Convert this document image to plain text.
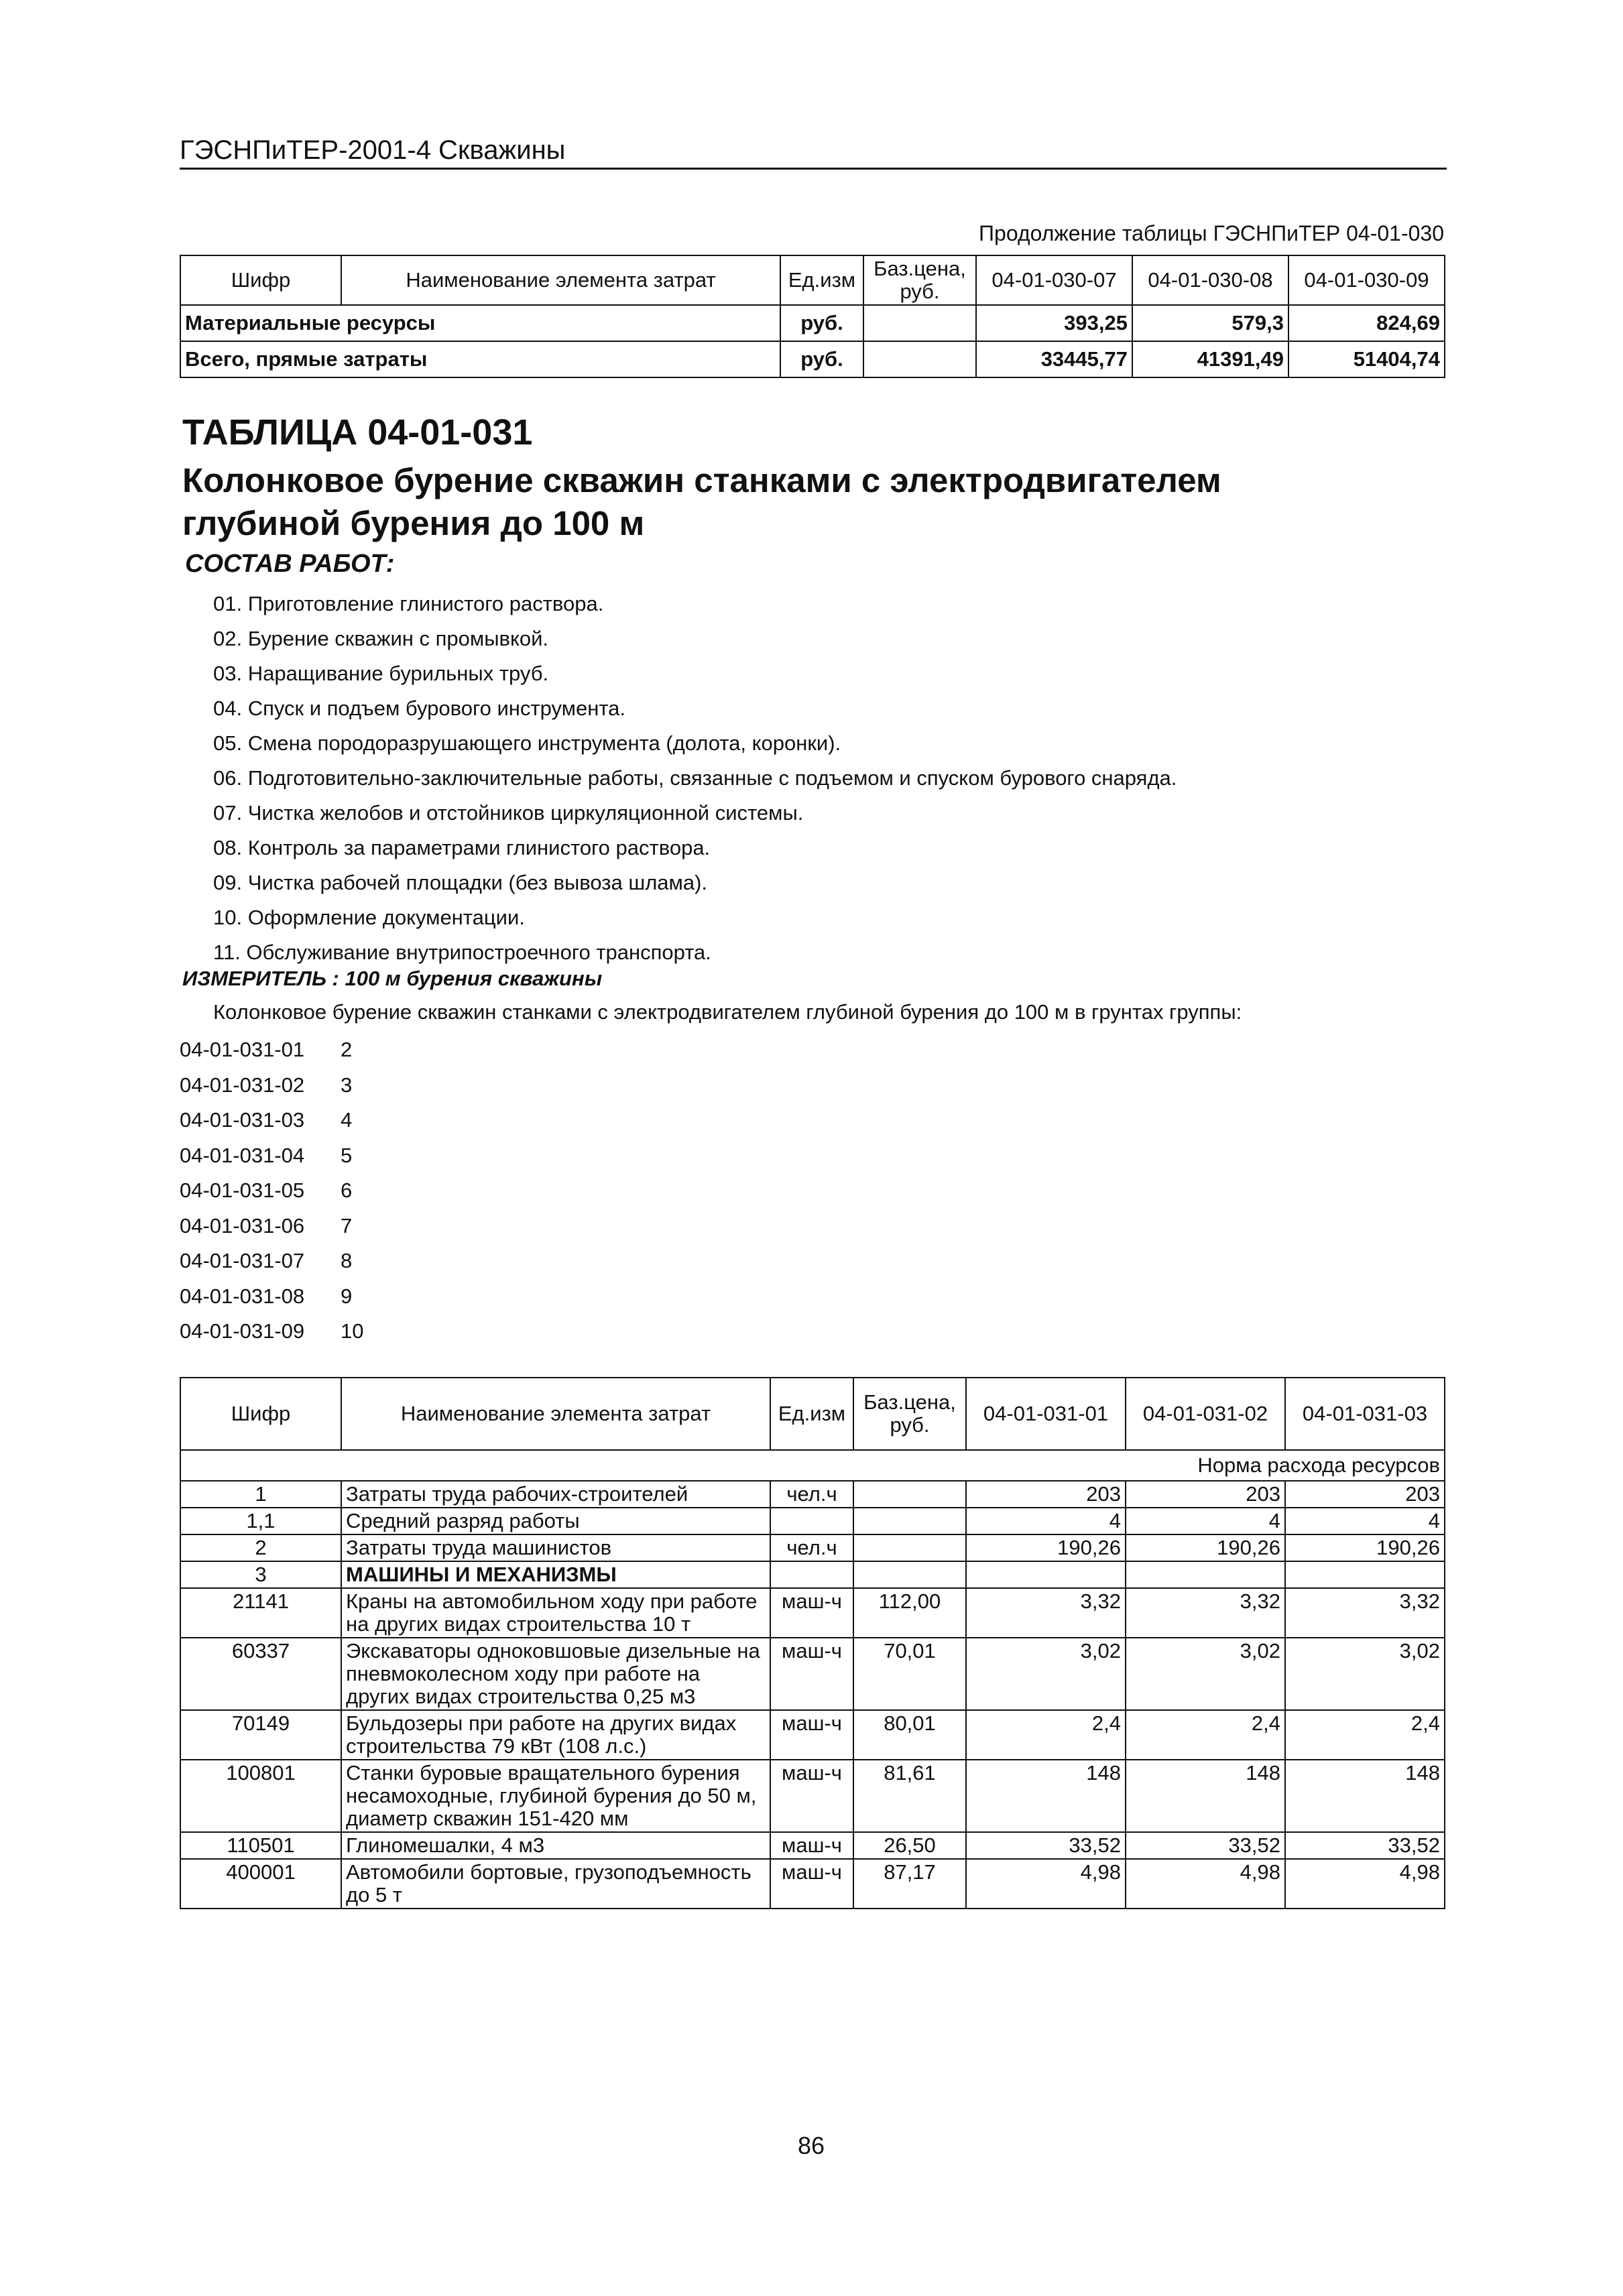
ГЭСНПиТЕР-2001-4 Скважины
Продолжение таблицы ГЭСНПиТЕР 04-01-030
Шифр	Наименование элемента затрат	Ед.изм	Баз.цена, руб.	04-01-030-07	04-01-030-08	04-01-030-09
Материальные ресурсы		руб.		393,25	579,3	824,69
Всего, прямые затраты		руб.		33445,77	41391,49	51404,74
ТАБЛИЦА 04-01-031
Колонковое бурение скважин станками с электродвигателем глубиной бурения до 100 м
СОСТАВ РАБОТ:
01. Приготовление глинистого раствора.
02. Бурение скважин с промывкой.
03. Наращивание бурильных труб.
04. Спуск и подъем бурового инструмента.
05. Смена породоразрушающего инструмента (долота, коронки).
06. Подготовительно-заключительные работы, связанные с подъемом и спуском бурового снаряда.
07. Чистка желобов и отстойников циркуляционной системы.
08. Контроль за параметрами глинистого раствора.
09. Чистка рабочей площадки (без вывоза шлама).
10. Оформление документации.
11. Обслуживание внутрипостроечного транспорта.
ИЗМЕРИТЕЛЬ : 100 м бурения скважины
Колонковое бурение скважин станками с электродвигателем глубиной бурения до 100 м в грунтах группы:
04-01-031-01	2
04-01-031-02	3
04-01-031-03	4
04-01-031-04	5
04-01-031-05	6
04-01-031-06	7
04-01-031-07	8
04-01-031-08	9
04-01-031-09	10
Шифр	Наименование элемента затрат	Ед.изм	Баз.цена, руб.	04-01-031-01	04-01-031-02	04-01-031-03
Норма расхода ресурсов						
1	Затраты труда рабочих-строителей	чел.ч		203	203	203
1,1	Средний разряд работы			4	4	4
2	Затраты труда машинистов	чел.ч		190,26	190,26	190,26
3	МАШИНЫ И МЕХАНИЗМЫ					
21141	Краны на автомобильном ходу при работе на других видах строительства 10 т	маш-ч	112,00	3,32	3,32	3,32
60337	Экскаваторы одноковшовые дизельные на пневмоколесном ходу при работе на других видах строительства 0,25 м3	маш-ч	70,01	3,02	3,02	3,02
70149	Бульдозеры при работе на других видах строительства 79 кВт (108 л.с.)	маш-ч	80,01	2,4	2,4	2,4
100801	Станки буровые вращательного бурения несамоходные, глубиной бурения до 50 м, диаметр скважин 151-420 мм	маш-ч	81,61	148	148	148
110501	Глиномешалки, 4 м3	маш-ч	26,50	33,52	33,52	33,52
400001	Автомобили бортовые, грузоподъемность до 5 т	маш-ч	87,17	4,98	4,98	4,98
86
